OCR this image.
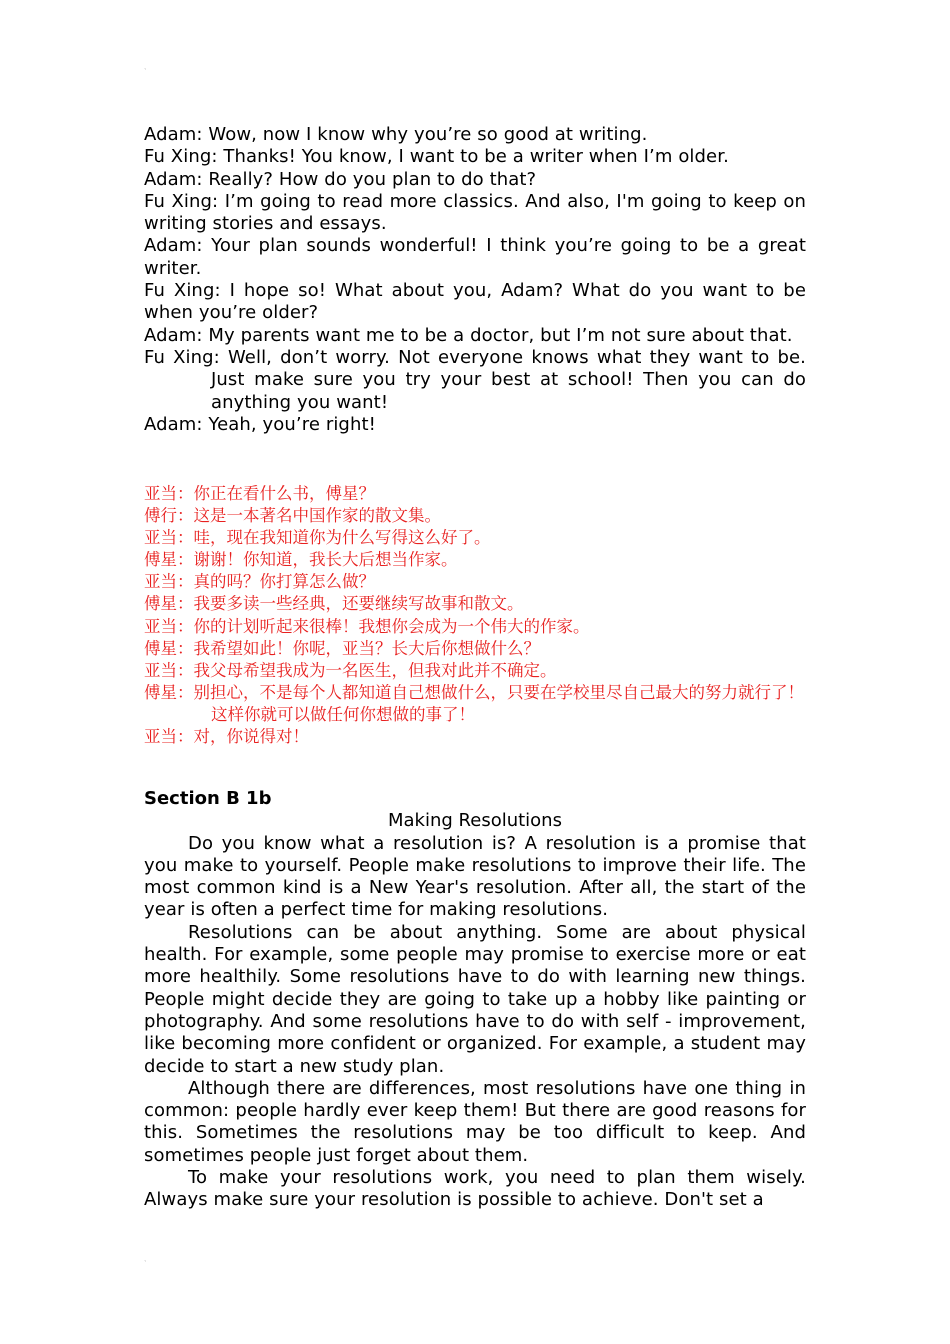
ˎ
Adam: Wow, now I know why you’re so good at writing.
Fu Xing: Thanks! You know, I want to be a writer when I’m older.
Adam: Really? How do you plan to do that?
Fu Xing: I’m going to read more classics. And also, I'm going to keep on writing stories and essays.
Adam: Your plan sounds wonderful! I think you’re going to be a great writer.
Fu Xing: I hope so! What about you, Adam? What do you want to be when you’re older?
Adam: My parents want me to be a doctor, but I’m not sure about that.
Fu Xing: Well, don’t worry. Not everyone knows what they want to be. Just make sure you try your best at school! Then you can do anything you want!
Adam: Yeah, you’re right!
亚当：你正在看什么书，傅星？
傅行：这是一本著名中国作家的散文集。
亚当：哇，现在我知道你为什么写得这么好了。
傅星：谢谢！你知道，我长大后想当作家。
亚当：真的吗？你打算怎么做？
傅星：我要多读一些经典，还要继续写故事和散文。
亚当：你的计划听起来很棒！我想你会成为一个伟大的作家。
傅星：我希望如此！你呢，亚当？长大后你想做什么？
亚当：我父母希望我成为一名医生，但我对此并不确定。
傅星：别担心，不是每个人都知道自己想做什么，只要在学校里尽自己最大的努力就行了！这样你就可以做任何你想做的事了！
亚当：对，你说得对！
Section B 1b
Making Resolutions
Do you know what a resolution is? A resolution is a promise that you make to yourself. People make resolutions to improve their life. The most common kind is a New Year's resolution. After all, the start of the year is often a perfect time for making resolutions.
Resolutions can be about anything. Some are about physical health. For example, some people may promise to exercise more or eat more healthily. Some resolutions have to do with learning new things. People might decide they are going to take up a hobby like painting or photography. And some resolutions have to do with self - improvement, like becoming more confident or organized. For example, a student may decide to start a new study plan.
Although there are differences, most resolutions have one thing in common: people hardly ever keep them! But there are good reasons for this. Sometimes the resolutions may be too difficult to keep. And sometimes people just forget about them.
To make your resolutions work, you need to plan them wisely. Always make sure your resolution is possible to achieve. Don't set a
ˎ
